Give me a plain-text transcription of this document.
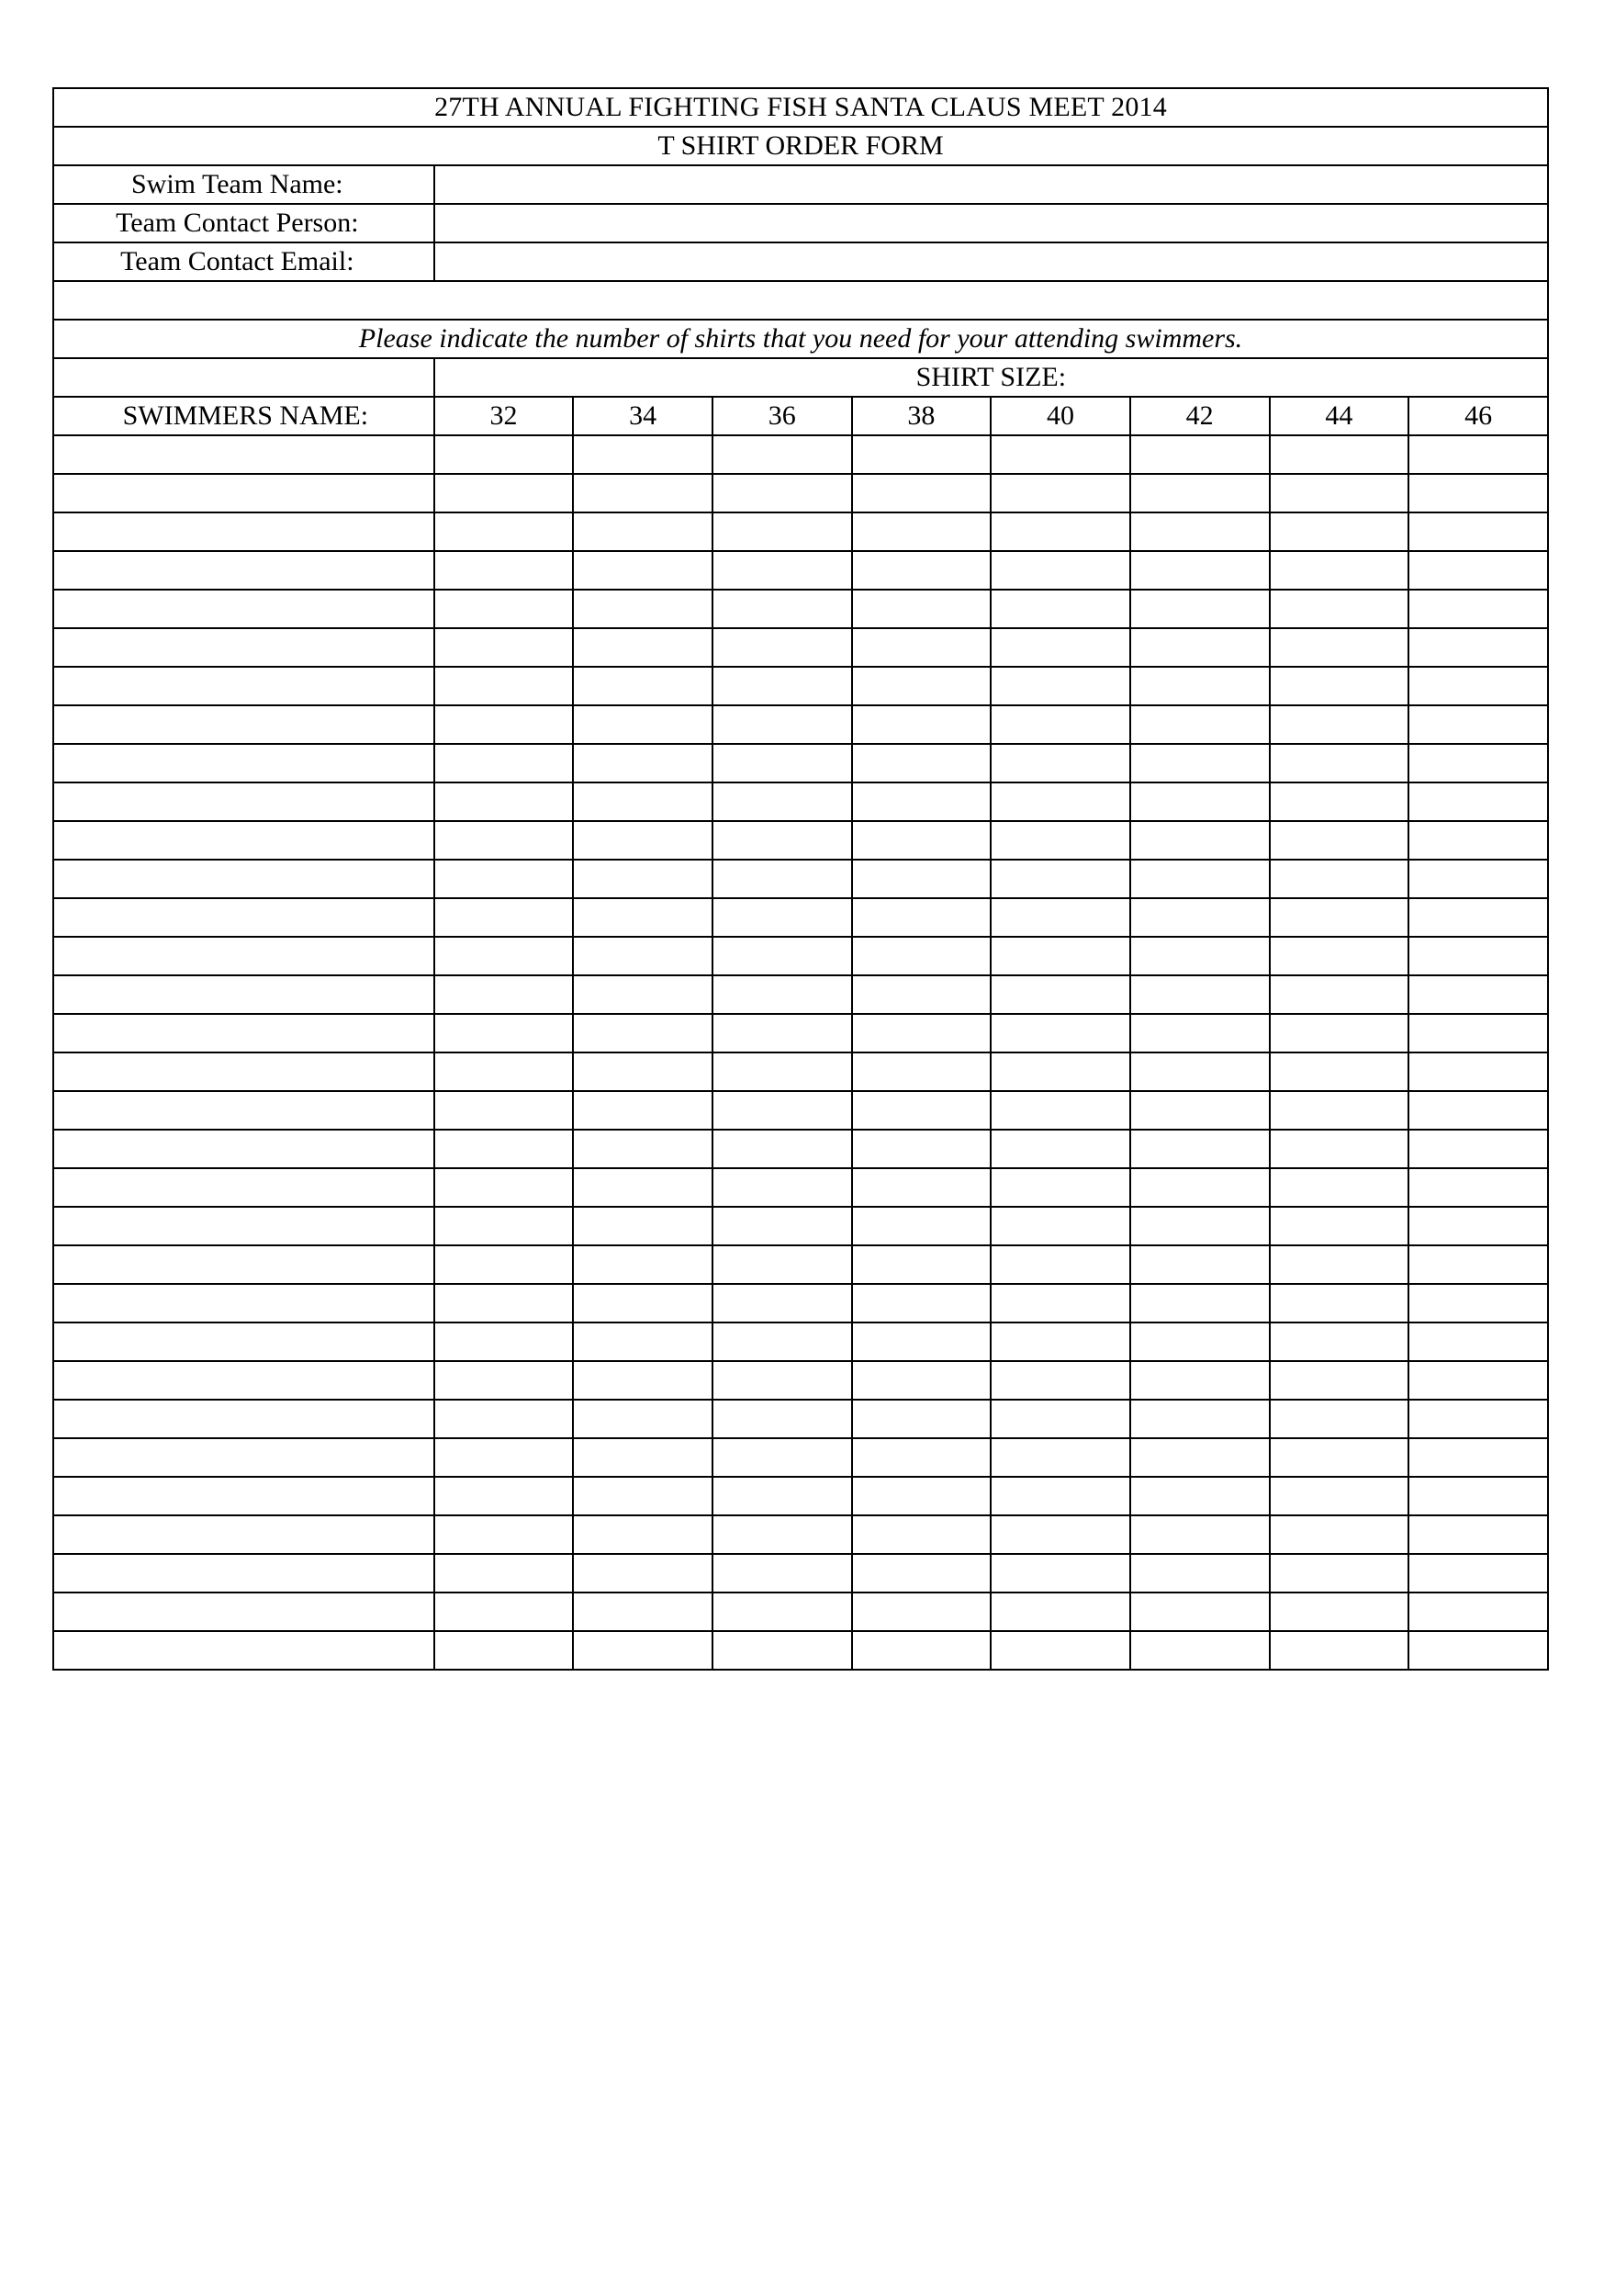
27TH ANNUAL FIGHTING FISH SANTA CLAUS MEET 2014								
T SHIRT ORDER FORM								
Swim Team Name:								
Team Contact Person:								
Team Contact Email:								

Please indicate the number of shirts that you need for your attending swimmers.								
	SHIRT SIZE:							
SWIMMERS NAME:	32	34	36	38	40	42	44	46
